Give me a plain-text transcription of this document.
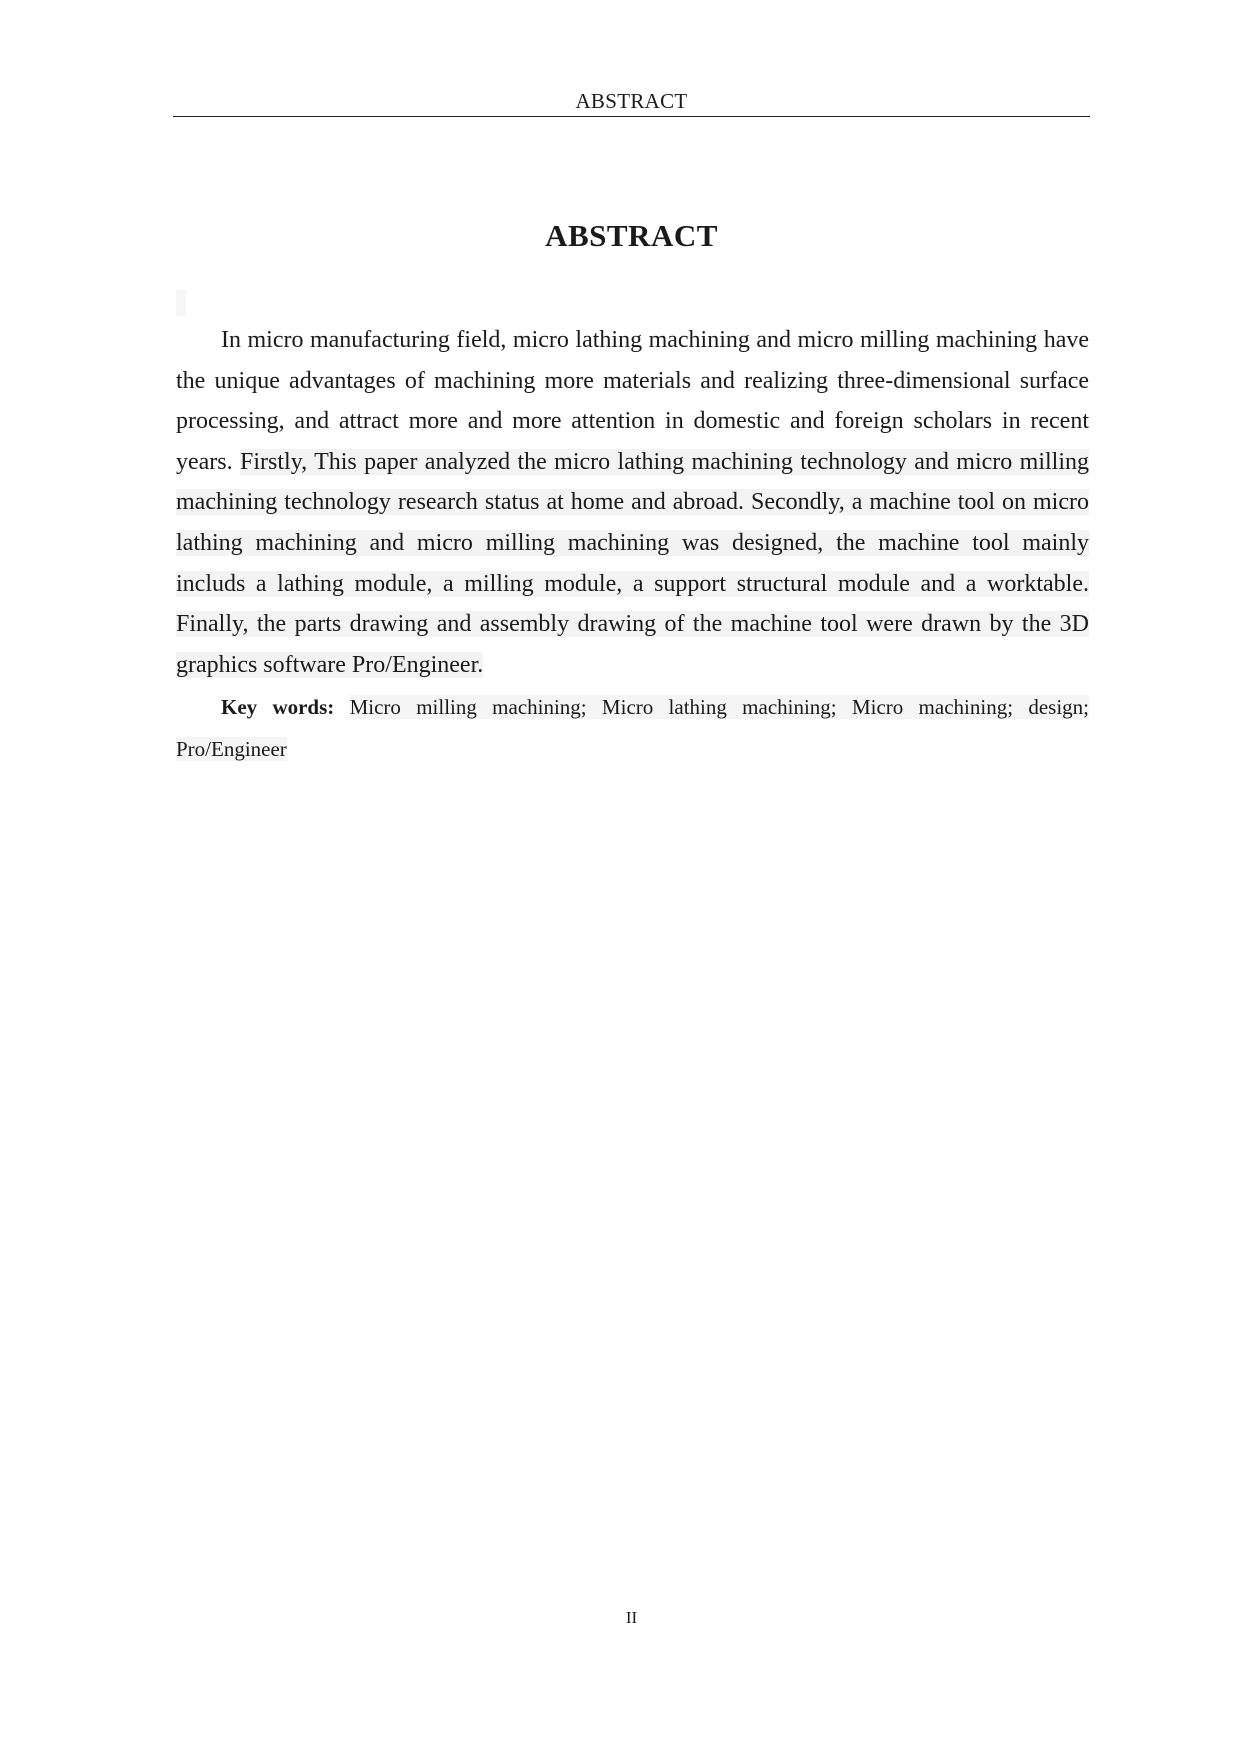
ABSTRACT
ABSTRACT

In micro manufacturing field, micro lathing machining and micro milling machining have the unique advantages of machining more materials and realizing three-dimensional surface processing, and attract more and more attention in domestic and foreign scholars in recent years. Firstly, This paper analyzed the micro lathing machining technology and micro milling machining technology research status at home and abroad. Secondly, a machine tool on micro lathing machining and micro milling machining was designed, the machine tool mainly includs a lathing module, a milling module, a support structural module and a worktable. Finally, the parts drawing and assembly drawing of the machine tool were drawn by the 3D graphics software Pro/Engineer.

Key words: Micro milling machining; Micro lathing machining; Micro machining; design; Pro/Engineer

II
